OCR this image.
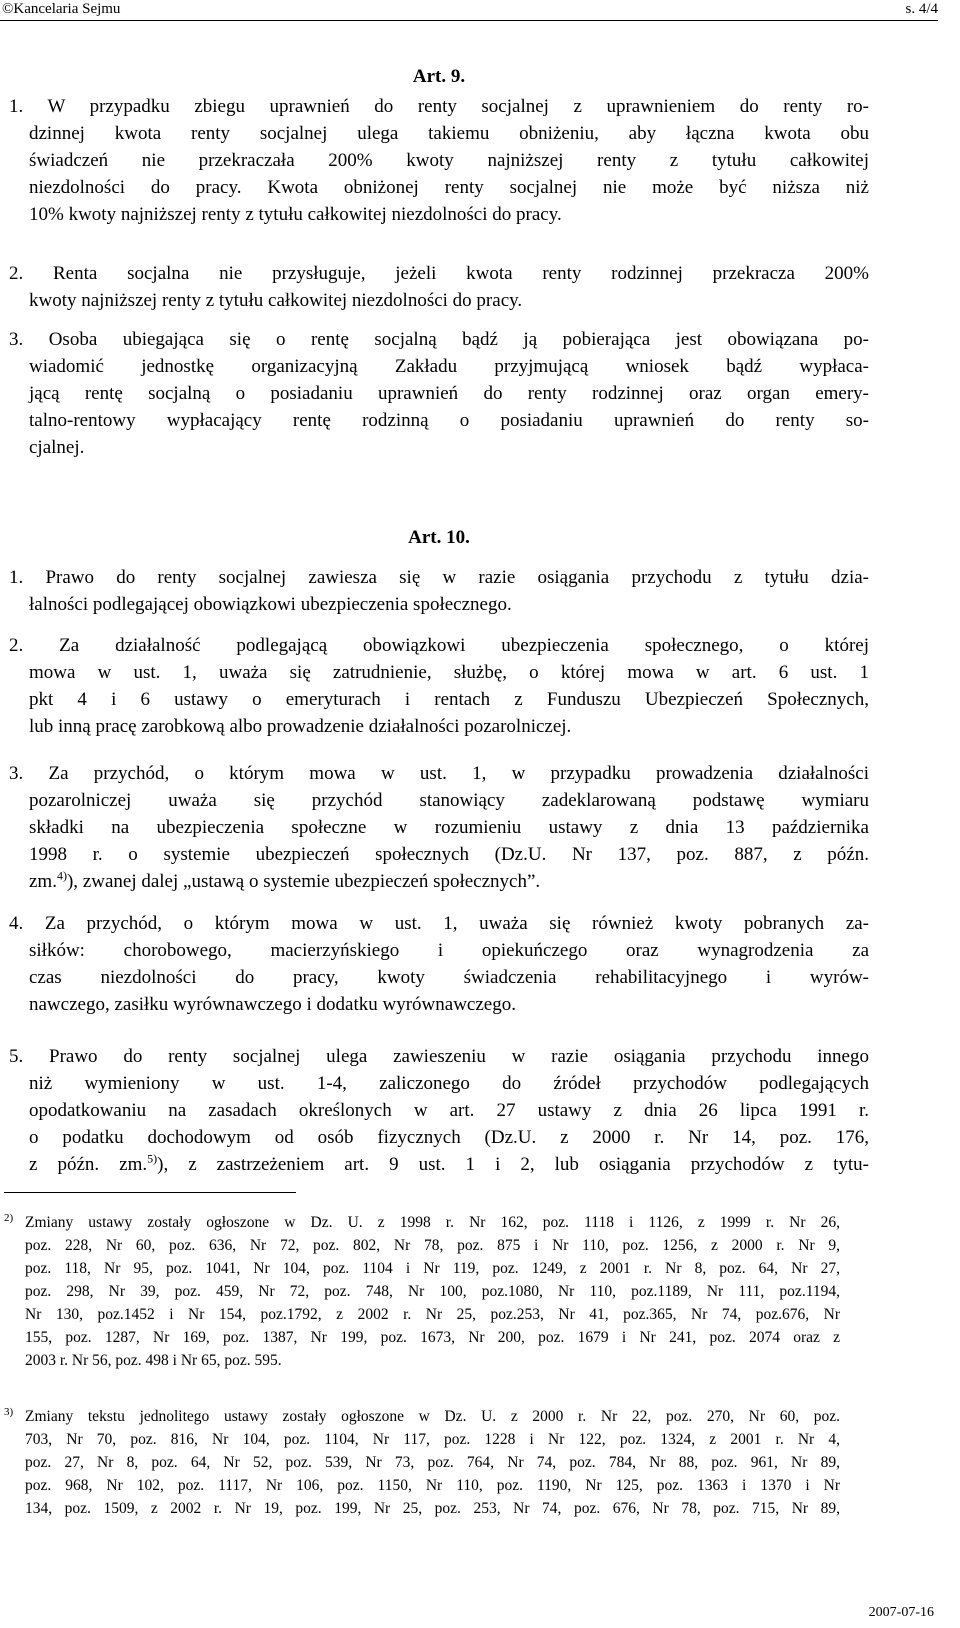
©Kancelaria Sejmu	s. 4/4
Art. 9.
1. W przypadku zbiegu uprawnień do renty socjalnej z uprawnieniem do renty ro-
dzinnej kwota renty socjalnej ulega takiemu obniżeniu, aby łączna kwota obu
świadczeń nie przekraczała 200% kwoty najniższej renty z tytułu całkowitej
niezdolności do pracy. Kwota obniżonej renty socjalnej nie może być niższa niż
10% kwoty najniższej renty z tytułu całkowitej niezdolności do pracy.
2. Renta socjalna nie przysługuje, jeżeli kwota renty rodzinnej przekracza 200%
kwoty najniższej renty z tytułu całkowitej niezdolności do pracy.
3. Osoba ubiegająca się o rentę socjalną bądź ją pobierająca jest obowiązana po-
wiadomić jednostkę organizacyjną Zakładu przyjmującą wniosek bądź wypłaca-
jącą rentę socjalną o posiadaniu uprawnień do renty rodzinnej oraz organ emery-
talno-rentowy wypłacający rentę rodzinną o posiadaniu uprawnień do renty so-
cjalnej.
Art. 10.
1. Prawo do renty socjalnej zawiesza się w razie osiągania przychodu z tytułu dzia-
łalności podlegającej obowiązkowi ubezpieczenia społecznego.
2. Za działalność podlegającą obowiązkowi ubezpieczenia społecznego, o której
mowa w ust. 1, uważa się zatrudnienie, służbę, o której mowa w art. 6 ust. 1
pkt 4 i 6 ustawy o emeryturach i rentach z Funduszu Ubezpieczeń Społecznych,
lub inną pracę zarobkową albo prowadzenie działalności pozarolniczej.
3. Za przychód, o którym mowa w ust. 1, w przypadku prowadzenia działalności
pozarolniczej uważa się przychód stanowiący zadeklarowaną podstawę wymiaru
składki na ubezpieczenia społeczne w rozumieniu ustawy z dnia 13 października
1998 r. o systemie ubezpieczeń społecznych (Dz.U. Nr 137, poz. 887, z późn.
zm.$^{4)}$), zwanej dalej „ustawą o systemie ubezpieczeń społecznych”.
4. Za przychód, o którym mowa w ust. 1, uważa się również kwoty pobranych za-
siłków: chorobowego, macierzyńskiego i opiekuńczego oraz wynagrodzenia za
czas niezdolności do pracy, kwoty świadczenia rehabilitacyjnego i wyrów-
nawczego, zasiłku wyrównawczego i dodatku wyrównawczego.
5. Prawo do renty socjalnej ulega zawieszeniu w razie osiągania przychodu innego
niż wymieniony w ust. 1-4, zaliczonego do źródeł przychodów podlegających
opodatkowaniu na zasadach określonych w art. 27 ustawy z dnia 26 lipca 1991 r.
o podatku dochodowym od osób fizycznych (Dz.U. z 2000 r. Nr 14, poz. 176,
z późn. zm.$^{5)}$), z zastrzeżeniem art. 9 ust. 1 i 2, lub osiągania przychodów z tytu-
2) Zmiany ustawy zostały ogłoszone w Dz. U. z 1998 r. Nr 162, poz. 1118 i 1126, z 1999 r. Nr 26,
poz. 228, Nr 60, poz. 636, Nr 72, poz. 802, Nr 78, poz. 875 i Nr 110, poz. 1256, z 2000 r. Nr 9,
poz. 118, Nr 95, poz. 1041, Nr 104, poz. 1104 i Nr 119, poz. 1249, z 2001 r. Nr 8, poz. 64, Nr 27,
poz. 298, Nr 39, poz. 459, Nr 72, poz. 748, Nr 100, poz.1080, Nr 110, poz.1189, Nr 111, poz.1194,
Nr 130, poz.1452 i Nr 154, poz.1792, z 2002 r. Nr 25, poz.253, Nr 41, poz.365, Nr 74, poz.676, Nr
155, poz. 1287, Nr 169, poz. 1387, Nr 199, poz. 1673, Nr 200, poz. 1679 i Nr 241, poz. 2074 oraz z
2003 r. Nr 56, poz. 498 i Nr 65, poz. 595.
3) Zmiany tekstu jednolitego ustawy zostały ogłoszone w Dz. U. z 2000 r. Nr 22, poz. 270, Nr 60, poz.
703, Nr 70, poz. 816, Nr 104, poz. 1104, Nr 117, poz. 1228 i Nr 122, poz. 1324, z 2001 r. Nr 4,
poz. 27, Nr 8, poz. 64, Nr 52, poz. 539, Nr 73, poz. 764, Nr 74, poz. 784, Nr 88, poz. 961, Nr 89,
poz. 968, Nr 102, poz. 1117, Nr 106, poz. 1150, Nr 110, poz. 1190, Nr 125, poz. 1363 i 1370 i Nr
134, poz. 1509, z 2002 r. Nr 19, poz. 199, Nr 25, poz. 253, Nr 74, poz. 676, Nr 78, poz. 715, Nr 89,
2007-07-16
